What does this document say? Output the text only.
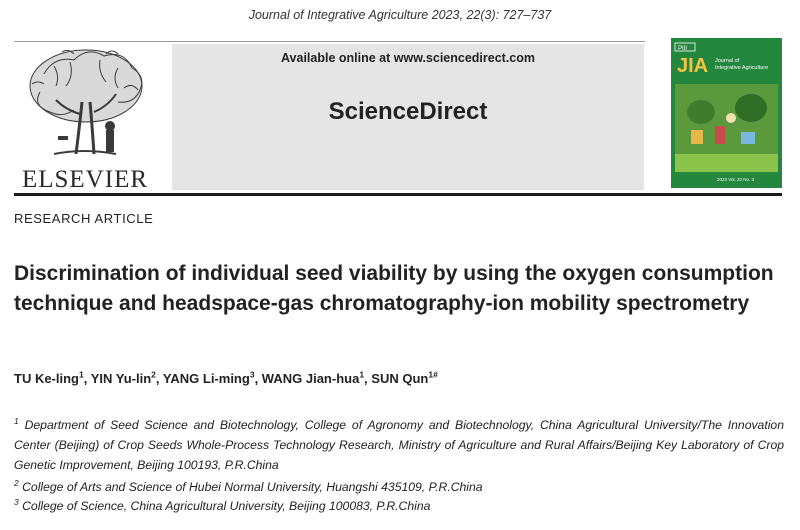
Journal of Integrative Agriculture 2023, 22(3): 727–737
ELSEVIER
Available online at www.sciencedirect.com
ScienceDirect
PIII
JIA Journal of
Integrative Agriculture
2023 Vol. 22 No. 3
RESEARCH ARTICLE
Discrimination of individual seed viability by using the oxygen consumption technique and headspace-gas chromatography-ion mobility spectrometry
TU Ke-ling$^1$, YIN Yu-lin$^2$, YANG Li-ming$^3$, WANG Jian-hua$^1$, SUN Qun$^{1\#}$
$^1$ Department of Seed Science and Biotechnology, College of Agronomy and Biotechnology, China Agricultural University/The Innovation Center (Beijing) of Crop Seeds Whole-Process Technology Research, Ministry of Agriculture and Rural Affairs/Beijing Key Laboratory of Crop Genetic Improvement, Beijing 100193, P.R.China
$^2$ College of Arts and Science of Hubei Normal University, Huangshi 435109, P.R.China
$^3$ College of Science, China Agricultural University, Beijing 100083, P.R.China
